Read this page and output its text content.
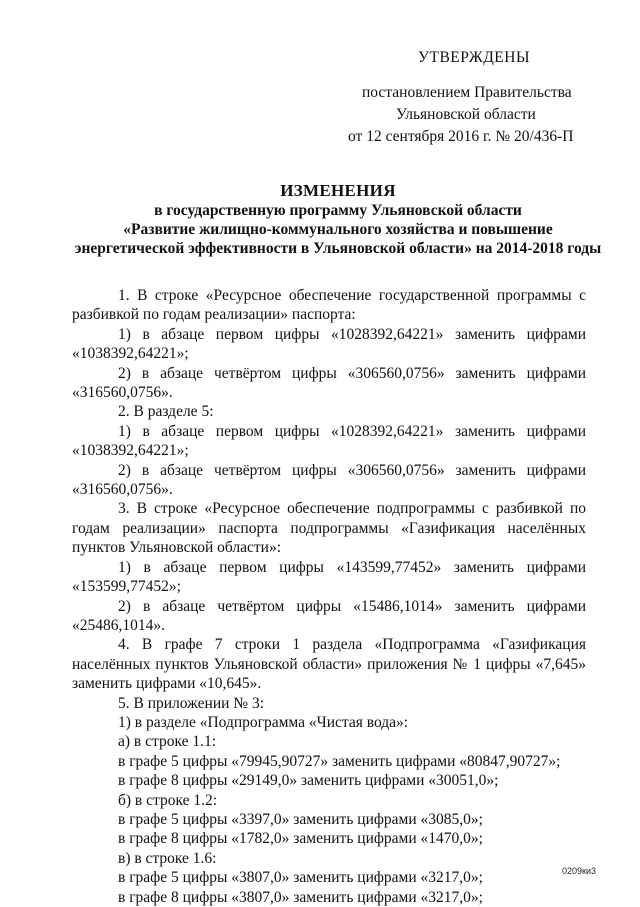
УТВЕРЖДЕНЫ
постановлением Правительства
Ульяновской области
от 12 сентября 2016 г. № 20/436-П
ИЗМЕНЕНИЯ
в государственную программу Ульяновской области
«Развитие жилищно-коммунального хозяйства и повышение
энергетической эффективности в Ульяновской области» на 2014-2018 годы

1. В строке «Ресурсное обеспечение государственной программы с разбивкой по годам реализации» паспорта:

1) в абзаце первом цифры «1028392,64221» заменить цифрами «1038392,64221»;

2) в абзаце четвёртом цифры «306560,0756» заменить цифрами «316560,0756».

2. В разделе 5:

1) в абзаце первом цифры «1028392,64221» заменить цифрами «1038392,64221»;

2) в абзаце четвёртом цифры «306560,0756» заменить цифрами «316560,0756».

3. В строке «Ресурсное обеспечение подпрограммы с разбивкой по годам реализации» паспорта подпрограммы «Газификация населённых пунктов Ульяновской области»:

1) в абзаце первом цифры «143599,77452» заменить цифрами «153599,77452»;

2) в абзаце четвёртом цифры «15486,1014» заменить цифрами «25486,1014».

4. В графе 7 строки 1 раздела «Подпрограмма «Газификация населённых пунктов Ульяновской области» приложения № 1 цифры «7,645» заменить цифрами «10,645».

5. В приложении № 3:

1) в разделе «Подпрограмма «Чистая вода»:

а) в строке 1.1:

в графе 5 цифры «79945,90727» заменить цифрами «80847,90727»;

в графе 8 цифры «29149,0» заменить цифрами «30051,0»;

б) в строке 1.2:

в графе 5 цифры «3397,0» заменить цифрами «3085,0»;

в графе 8 цифры «1782,0» заменить цифрами «1470,0»;

в) в строке 1.6:

в графе 5 цифры «3807,0» заменить цифрами «3217,0»;

в графе 8 цифры «3807,0» заменить цифрами «3217,0»;

0209ки3
